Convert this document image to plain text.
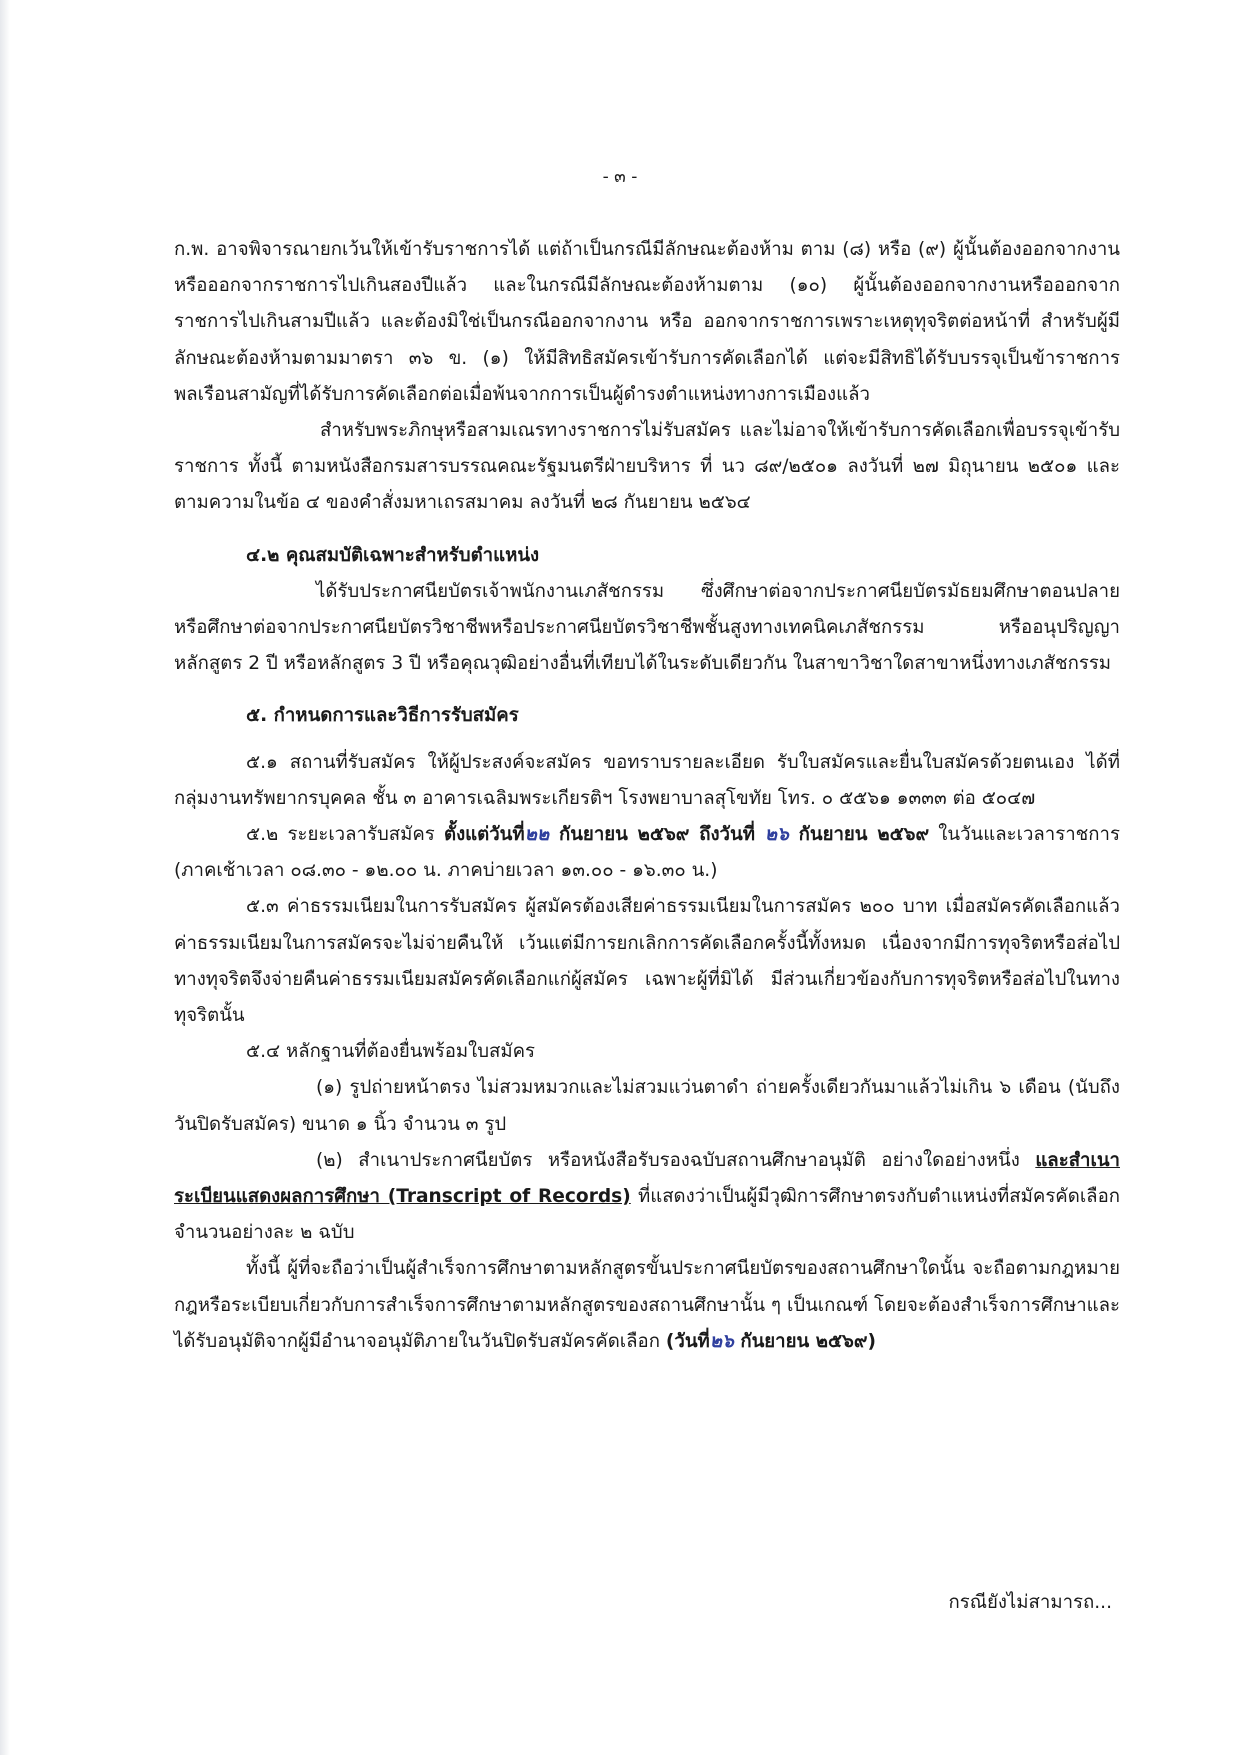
- ๓ -

ก.พ. อาจพิจารณายกเว้นให้เข้ารับราชการได้ แต่ถ้าเป็นกรณีมีลักษณะต้องห้าม ตาม (๘) หรือ (๙) ผู้นั้นต้องออกจากงานหรือออกจากราชการไปเกินสองปีแล้ว และในกรณีมีลักษณะต้องห้ามตาม (๑๐) ผู้นั้นต้องออกจากงานหรือออกจากราชการไปเกินสามปีแล้ว และต้องมิใช่เป็นกรณีออกจากงาน หรือ ออกจากราชการเพราะเหตุทุจริตต่อหน้าที่ สำหรับผู้มีลักษณะต้องห้ามตามมาตรา ๓๖ ข. (๑) ให้มีสิทธิสมัครเข้ารับการคัดเลือกได้ แต่จะมีสิทธิได้รับบรรจุเป็นข้าราชการพลเรือนสามัญที่ได้รับการคัดเลือกต่อเมื่อพ้นจากการเป็นผู้ดำรงตำแหน่งทางการเมืองแล้ว

สำหรับพระภิกษุหรือสามเณรทางราชการไม่รับสมัคร และไม่อาจให้เข้ารับการคัดเลือกเพื่อบรรจุเข้ารับราชการ ทั้งนี้ ตามหนังสือกรมสารบรรณคณะรัฐมนตรีฝ่ายบริหาร ที่ นว ๘๙/๒๕๐๑ ลงวันที่ ๒๗ มิถุนายน ๒๕๐๑ และตามความในข้อ ๔ ของคำสั่งมหาเถรสมาคม ลงวันที่ ๒๘ กันยายน ๒๕๖๔

๔.๒ คุณสมบัติเฉพาะสำหรับตำแหน่ง

ได้รับประกาศนียบัตรเจ้าพนักงานเภสัชกรรม ซึ่งศึกษาต่อจากประกาศนียบัตรมัธยมศึกษาตอนปลายหรือศึกษาต่อจากประกาศนียบัตรวิชาชีพหรือประกาศนียบัตรวิชาชีพชั้นสูงทางเทคนิคเภสัชกรรม หรืออนุปริญญา หลักสูตร 2 ปี หรือหลักสูตร 3 ปี หรือคุณวุฒิอย่างอื่นที่เทียบได้ในระดับเดียวกัน ในสาขาวิชาใดสาขาหนึ่งทางเภสัชกรรม

๕. กำหนดการและวิธีการรับสมัคร

๕.๑ สถานที่รับสมัคร ให้ผู้ประสงค์จะสมัคร ขอทราบรายละเอียด รับใบสมัครและยื่นใบสมัครด้วยตนเอง ได้ที่กลุ่มงานทรัพยากรบุคคล ชั้น ๓ อาคารเฉลิมพระเกียรติฯ โรงพยาบาลสุโขทัย โทร. ๐ ๕๕๖๑ ๑๓๓๓ ต่อ ๕๐๔๗

๕.๒ ระยะเวลารับสมัคร ตั้งแต่วันที่๒๒ กันยายน ๒๕๖๙ ถึงวันที่ ๒๖ กันยายน ๒๕๖๙ ในวันและเวลาราชการ (ภาคเช้าเวลา ๐๘.๓๐ - ๑๒.๐๐ น. ภาคบ่ายเวลา ๑๓.๐๐ - ๑๖.๓๐ น.)

๕.๓ ค่าธรรมเนียมในการรับสมัคร ผู้สมัครต้องเสียค่าธรรมเนียมในการสมัคร ๒๐๐ บาท เมื่อสมัครคัดเลือกแล้ว ค่าธรรมเนียมในการสมัครจะไม่จ่ายคืนให้ เว้นแต่มีการยกเลิกการคัดเลือกครั้งนี้ทั้งหมด เนื่องจากมีการทุจริตหรือส่อไปทางทุจริตจึงจ่ายคืนค่าธรรมเนียมสมัครคัดเลือกแก่ผู้สมัคร เฉพาะผู้ที่มิได้ มีส่วนเกี่ยวข้องกับการทุจริตหรือส่อไปในทางทุจริตนั้น

๕.๔ หลักฐานที่ต้องยื่นพร้อมใบสมัคร

(๑) รูปถ่ายหน้าตรง ไม่สวมหมวกและไม่สวมแว่นตาดำ ถ่ายครั้งเดียวกันมาแล้วไม่เกิน ๖ เดือน (นับถึงวันปิดรับสมัคร) ขนาด ๑ นิ้ว จำนวน ๓ รูป

(๒) สำเนาประกาศนียบัตร หรือหนังสือรับรองฉบับสถานศึกษาอนุมัติ อย่างใดอย่างหนึ่ง และสำเนาระเบียนแสดงผลการศึกษา (Transcript of Records) ที่แสดงว่าเป็นผู้มีวุฒิการศึกษาตรงกับตำแหน่งที่สมัครคัดเลือก จำนวนอย่างละ ๒ ฉบับ

ทั้งนี้ ผู้ที่จะถือว่าเป็นผู้สำเร็จการศึกษาตามหลักสูตรขั้นประกาศนียบัตรของสถานศึกษาใดนั้น จะถือตามกฎหมาย กฎหรือระเบียบเกี่ยวกับการสำเร็จการศึกษาตามหลักสูตรของสถานศึกษานั้น ๆ เป็นเกณฑ์ โดยจะต้องสำเร็จการศึกษาและได้รับอนุมัติจากผู้มีอำนาจอนุมัติภายในวันปิดรับสมัครคัดเลือก (วันที่๒๖ กันยายน ๒๕๖๙)

กรณียังไม่สามารถ...
